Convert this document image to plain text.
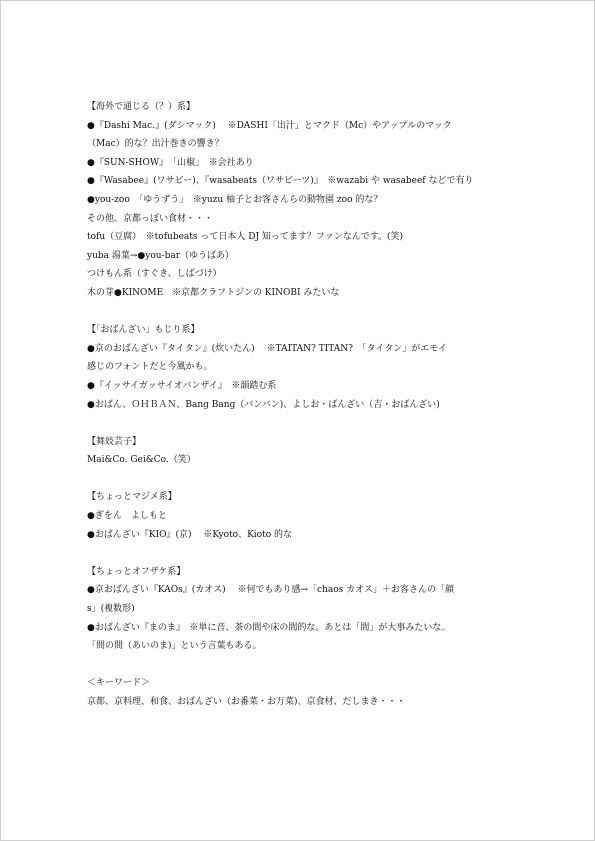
【海外で通じる（？）系】
●『Dashi Mac.』(ダシマック)　 ※DASHI「出汁」とマクド（Mc）やアップルのマック
（Mac）的な？出汁巻きの響き？
●『SUN-SHOW』　「山椒」　※会社あり
●『Wasabee』(ワサビー)、『wasabeats（ワサビーツ)』　※wazabi や wasabeef などで有り
●you-zoo　「ゆうずう」　※yuzu 柚子とお客さんらの動物園 zoo 的な？
その他、京都っぽい食材・・・
tofu（豆腐）　※tofubeats って日本人 DJ 知ってます？ファンなんです。(笑)
yuba 湯葉→●you-bar（ゆうばあ）
つけもん系（すぐき、しばづけ）
木の芽●KINOME　※京都クラフトジンの KINOBI みたいな
【「おばんざい」もじり系】
●京のおばんざい『タイタン』(炊いたん)　 ※TAITAN? TITAN?　「タイタン」がエモイ
感じのフォントだと今風かも。
●『イッサイガッサイオバンザイ』　※韻踏む系
●おばん、ＯＨＢＡＮ、Bang Bang（バンバン)、よしお・ばんざい（吉・おばんざい)
【舞妓芸子】
Mai&Co. Gei&Co.（笑）
【ちょっとマジメ系】
●ぎをん　よしもと
●おばんざい『KIO』(京)　 ※Kyoto、Kioto 的な
【ちょっとオフザケ系】
●京おばんざい『KAOs』(カオス)　 ※何でもあり感→「chaos カオス」＋お客さんの「顔
s」(複数形)
●おばんざい『まのま』　※単に音、茶の間や床の間的な。あとは「間」が大事みたいな。
「間の間（あいのま)」という言葉もある。
＜キーワード＞
京都、京料理、和食、おばんざい（お番菜・お万菜)、京食材、だしまき・・・
